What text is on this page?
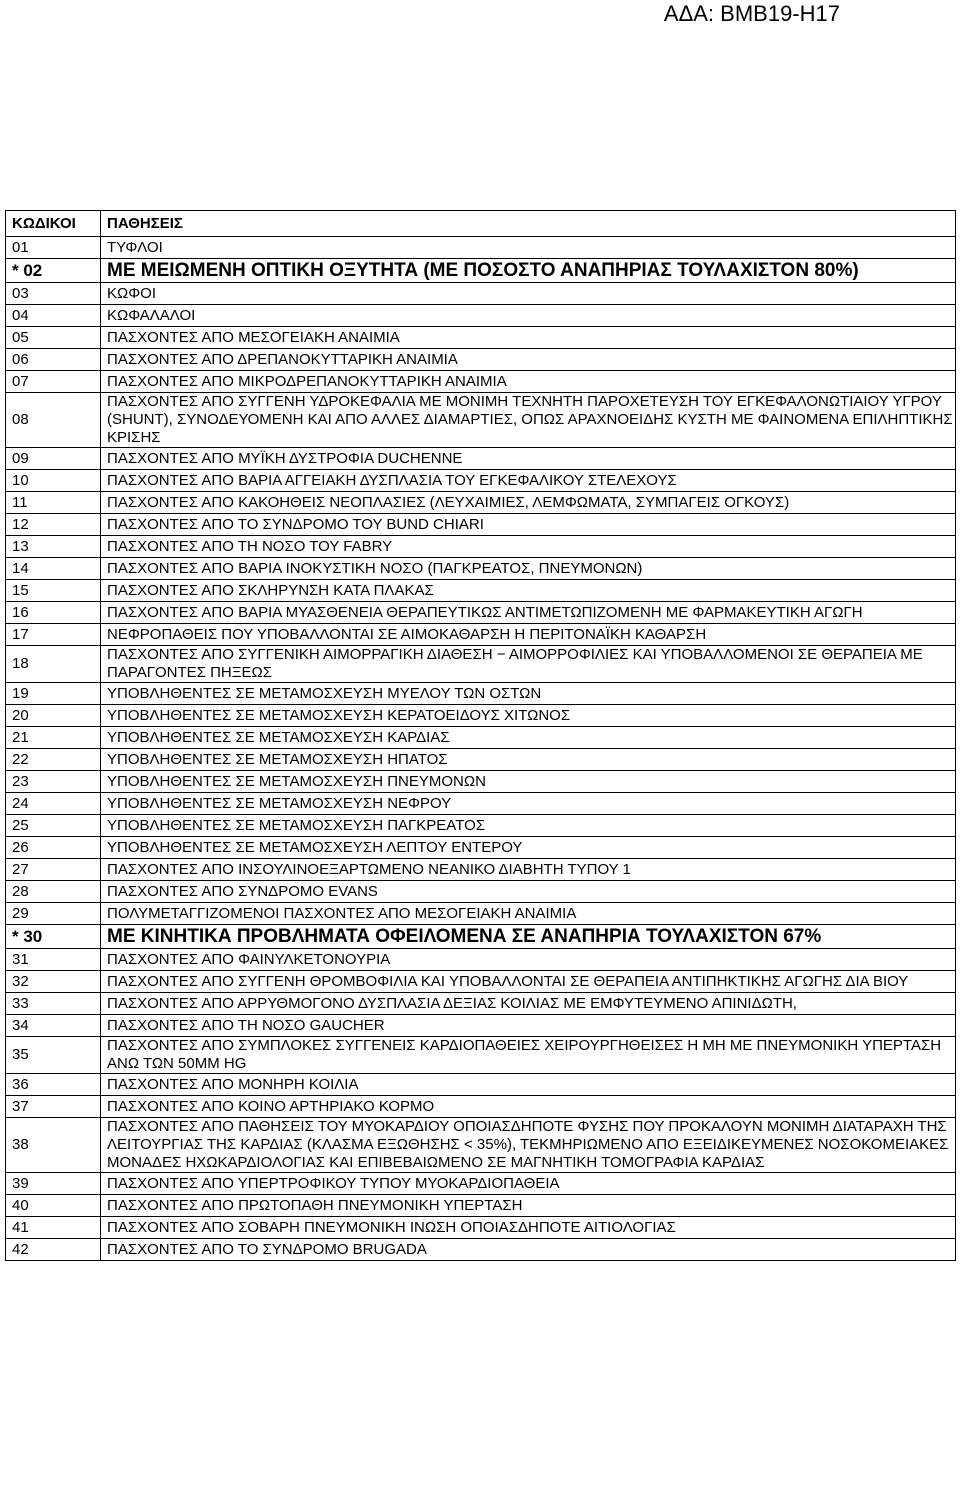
ΑΔΑ: ΒΜΒ19-Η17
ΚΩΔΙΚΟΙ	ΠΑΘΗΣΕΙΣ
01	ΤΥΦΛΟΙ
* 02	ΜΕ ΜΕΙΩΜΕΝΗ ΟΠΤΙΚΗ ΟΞΥΤΗΤΑ (ΜΕ ΠΟΣΟΣΤΟ ΑΝΑΠΗΡΙΑΣ ΤΟΥΛΑΧΙΣΤΟΝ 80%)
03	ΚΩΦΟΙ
04	ΚΩΦΑΛΑΛΟΙ
05	ΠΑΣΧΟΝΤΕΣ ΑΠΟ ΜΕΣΟΓΕΙΑΚΗ ΑΝΑΙΜΙΑ
06	ΠΑΣΧΟΝΤΕΣ ΑΠΟ ΔΡΕΠΑΝΟΚΥΤΤΑΡΙΚΗ ΑΝΑΙΜΙΑ
07	ΠΑΣΧΟΝΤΕΣ ΑΠΟ ΜΙΚΡΟΔΡΕΠΑΝΟΚΥΤΤΑΡΙΚΗ ΑΝΑΙΜΙΑ
08	ΠΑΣΧΟΝΤΕΣ ΑΠΟ ΣΥΓΓΕΝΗ ΥΔΡΟΚΕΦΑΛΙΑ ΜΕ ΜΟΝΙΜΗ ΤΕΧΝΗΤΗ ΠΑΡΟΧΕΤΕΥΣΗ ΤΟΥ ΕΓΚΕΦΑΛΟΝΩΤΙΑΙΟΥ ΥΓΡΟΥ (SHUNT), ΣΥΝΟΔΕΥΟΜΕΝΗ ΚΑΙ ΑΠΟ ΑΛΛΕΣ ΔΙΑΜΑΡΤΙΕΣ, ΟΠΩΣ ΑΡΑΧΝΟΕΙΔΗΣ ΚΥΣΤΗ ΜΕ ΦΑΙΝΟΜΕΝΑ ΕΠΙΛΗΠΤΙΚΗΣ ΚΡΙΣΗΣ
09	ΠΑΣΧΟΝΤΕΣ ΑΠΟ ΜΥΪΚΗ ΔΥΣΤΡΟΦΙΑ DUCHENNE
10	ΠΑΣΧΟΝΤΕΣ ΑΠΟ ΒΑΡΙΑ ΑΓΓΕΙΑΚΗ ΔΥΣΠΛΑΣΙΑ ΤΟΥ ΕΓΚΕΦΑΛΙΚΟΥ ΣΤΕΛΕΧΟΥΣ
11	ΠΑΣΧΟΝΤΕΣ ΑΠΟ ΚΑΚΟΗΘΕΙΣ ΝΕΟΠΛΑΣΙΕΣ (ΛΕΥΧΑΙΜΙΕΣ, ΛΕΜΦΩΜΑΤΑ, ΣΥΜΠΑΓΕΙΣ ΟΓΚΟΥΣ)
12	ΠΑΣΧΟΝΤΕΣ ΑΠΟ ΤΟ ΣΥΝΔΡΟΜΟ ΤΟΥ BUND CHIARI
13	ΠΑΣΧΟΝΤΕΣ ΑΠΟ ΤΗ ΝΟΣΟ ΤΟΥ FABRY
14	ΠΑΣΧΟΝΤΕΣ ΑΠΟ ΒΑΡΙΑ ΙΝΟΚΥΣΤΙΚΗ ΝΟΣΟ (ΠΑΓΚΡΕΑΤΟΣ, ΠΝΕΥΜΟΝΩΝ)
15	ΠΑΣΧΟΝΤΕΣ ΑΠΟ ΣΚΛΗΡΥΝΣΗ ΚΑΤΑ ΠΛΑΚΑΣ
16	ΠΑΣΧΟΝΤΕΣ ΑΠΟ ΒΑΡΙΑ ΜΥΑΣΘΕΝΕΙΑ ΘΕΡΑΠΕΥΤΙΚΩΣ ΑΝΤΙΜΕΤΩΠΙΖΟΜΕΝΗ ΜΕ ΦΑΡΜΑΚΕΥΤΙΚΗ ΑΓΩΓΗ
17	ΝΕΦΡΟΠΑΘΕΙΣ ΠΟΥ ΥΠΟΒΑΛΛΟΝΤΑΙ ΣΕ ΑΙΜΟΚΑΘΑΡΣΗ Η ΠΕΡΙΤΟΝΑΪΚΗ ΚΑΘΑΡΣΗ
18	ΠΑΣΧΟΝΤΕΣ ΑΠΟ ΣΥΓΓΕΝΙΚΗ ΑΙΜΟΡΡΑΓΙΚΗ ΔΙΑΘΕΣΗ − ΑΙΜΟΡΡΟΦΙΛΙΕΣ ΚΑΙ ΥΠΟΒΑΛΛΟΜΕΝΟΙ ΣΕ ΘΕΡΑΠΕΙΑ ΜΕ ΠΑΡΑΓΟΝΤΕΣ ΠΗΞΕΩΣ
19	ΥΠΟΒΛΗΘΕΝΤΕΣ ΣΕ ΜΕΤΑΜΟΣΧΕΥΣΗ ΜΥΕΛΟΥ ΤΩΝ ΟΣΤΩΝ
20	ΥΠΟΒΛΗΘΕΝΤΕΣ ΣΕ ΜΕΤΑΜΟΣΧΕΥΣΗ ΚΕΡΑΤΟΕΙΔΟΥΣ ΧΙΤΩΝΟΣ
21	ΥΠΟΒΛΗΘΕΝΤΕΣ ΣΕ ΜΕΤΑΜΟΣΧΕΥΣΗ ΚΑΡΔΙΑΣ
22	ΥΠΟΒΛΗΘΕΝΤΕΣ ΣΕ ΜΕΤΑΜΟΣΧΕΥΣΗ ΗΠΑΤΟΣ
23	ΥΠΟΒΛΗΘΕΝΤΕΣ ΣΕ ΜΕΤΑΜΟΣΧΕΥΣΗ ΠΝΕΥΜΟΝΩΝ
24	ΥΠΟΒΛΗΘΕΝΤΕΣ ΣΕ ΜΕΤΑΜΟΣΧΕΥΣΗ ΝΕΦΡΟΥ
25	ΥΠΟΒΛΗΘΕΝΤΕΣ ΣΕ ΜΕΤΑΜΟΣΧΕΥΣΗ ΠΑΓΚΡΕΑΤΟΣ
26	ΥΠΟΒΛΗΘΕΝΤΕΣ ΣΕ ΜΕΤΑΜΟΣΧΕΥΣΗ ΛΕΠΤΟΥ ΕΝΤΕΡΟΥ
27	ΠΑΣΧΟΝΤΕΣ ΑΠΟ ΙΝΣΟΥΛΙΝΟΕΞΑΡΤΩΜΕΝΟ ΝΕΑΝΙΚΟ ΔΙΑΒΗΤΗ ΤΥΠΟΥ 1
28	ΠΑΣΧΟΝΤΕΣ ΑΠΟ ΣΥΝΔΡΟΜΟ EVANS
29	ΠΟΛΥΜΕΤΑΓΓΙΖΟΜΕΝΟΙ ΠΑΣΧΟΝΤΕΣ ΑΠΟ ΜΕΣΟΓΕΙΑΚΗ ΑΝΑΙΜΙΑ
* 30	ΜΕ ΚΙΝΗΤΙΚΑ ΠΡΟΒΛΗΜΑΤΑ ΟΦΕΙΛΟΜΕΝΑ ΣΕ ΑΝΑΠΗΡΙΑ ΤΟΥΛΑΧΙΣΤΟΝ 67%
31	ΠΑΣΧΟΝΤΕΣ ΑΠΟ ΦΑΙΝΥΛΚΕΤΟΝΟΥΡΙΑ
32	ΠΑΣΧΟΝΤΕΣ ΑΠΟ ΣΥΓΓΕΝΗ ΘΡΟΜΒΟΦΙΛΙΑ ΚΑΙ ΥΠΟΒΑΛΛΟΝΤΑΙ ΣΕ ΘΕΡΑΠΕΙΑ ΑΝΤΙΠΗΚΤΙΚΗΣ ΑΓΩΓΗΣ ΔΙΑ ΒΙΟΥ
33	ΠΑΣΧΟΝΤΕΣ ΑΠΟ ΑΡΡΥΘΜΟΓΟΝΟ ΔΥΣΠΛΑΣΙΑ ΔΕΞΙΑΣ ΚΟΙΛΙΑΣ ΜΕ ΕΜΦΥΤΕΥΜΕΝΟ ΑΠΙΝΙΔΩΤΗ,
34	ΠΑΣΧΟΝΤΕΣ ΑΠΟ ΤΗ ΝΟΣΟ GAUCHER
35	ΠΑΣΧΟΝΤΕΣ ΑΠΟ ΣΥΜΠΛΟΚΕΣ ΣΥΓΓΕΝΕΙΣ ΚΑΡΔΙΟΠΑΘΕΙΕΣ ΧΕΙΡΟΥΡΓΗΘΕΙΣΕΣ Η ΜΗ ΜΕ ΠΝΕΥΜΟΝΙΚΗ ΥΠΕΡΤΑΣΗ ΑΝΩ ΤΩΝ 50ΜΜ HG
36	ΠΑΣΧΟΝΤΕΣ ΑΠΟ ΜΟΝΗΡΗ ΚΟΙΛΙΑ
37	ΠΑΣΧΟΝΤΕΣ ΑΠΟ ΚΟΙΝΟ ΑΡΤΗΡΙΑΚΟ ΚΟΡΜΟ
38	ΠΑΣΧΟΝΤΕΣ ΑΠΟ ΠΑΘΗΣΕΙΣ ΤΟΥ ΜΥΟΚΑΡΔΙΟΥ ΟΠΟΙΑΣΔΗΠΟΤΕ ΦΥΣΗΣ ΠΟΥ ΠΡΟΚΑΛΟΥΝ ΜΟΝΙΜΗ ΔΙΑΤΑΡΑΧΗ ΤΗΣ ΛΕΙΤΟΥΡΓΙΑΣ ΤΗΣ ΚΑΡΔΙΑΣ (ΚΛΑΣΜΑ ΕΞΩΘΗΣΗΣ < 35%), ΤΕΚΜΗΡΙΩΜΕΝΟ ΑΠΟ ΕΞΕΙΔΙΚΕΥΜΕΝΕΣ ΝΟΣΟΚΟΜΕΙΑΚΕΣ ΜΟΝΑΔΕΣ ΗΧΩΚΑΡΔΙΟΛΟΓΙΑΣ ΚΑΙ ΕΠΙΒΕΒΑΙΩΜΕΝΟ ΣΕ ΜΑΓΝΗΤΙΚΗ ΤΟΜΟΓΡΑΦΙΑ ΚΑΡΔΙΑΣ
39	ΠΑΣΧΟΝΤΕΣ ΑΠΟ ΥΠΕΡΤΡΟΦΙΚΟΥ ΤΥΠΟΥ ΜΥΟΚΑΡΔΙΟΠΑΘΕΙΑ
40	ΠΑΣΧΟΝΤΕΣ ΑΠΟ ΠΡΩΤΟΠΑΘΗ ΠΝΕΥΜΟΝΙΚΗ ΥΠΕΡΤΑΣΗ
41	ΠΑΣΧΟΝΤΕΣ ΑΠΟ ΣΟΒΑΡΗ ΠΝΕΥΜΟΝΙΚΗ ΙΝΩΣΗ ΟΠΟΙΑΣΔΗΠΟΤΕ ΑΙΤΙΟΛΟΓΙΑΣ
42	ΠΑΣΧΟΝΤΕΣ ΑΠΟ ΤΟ ΣΥΝΔΡΟΜΟ BRUGADA
